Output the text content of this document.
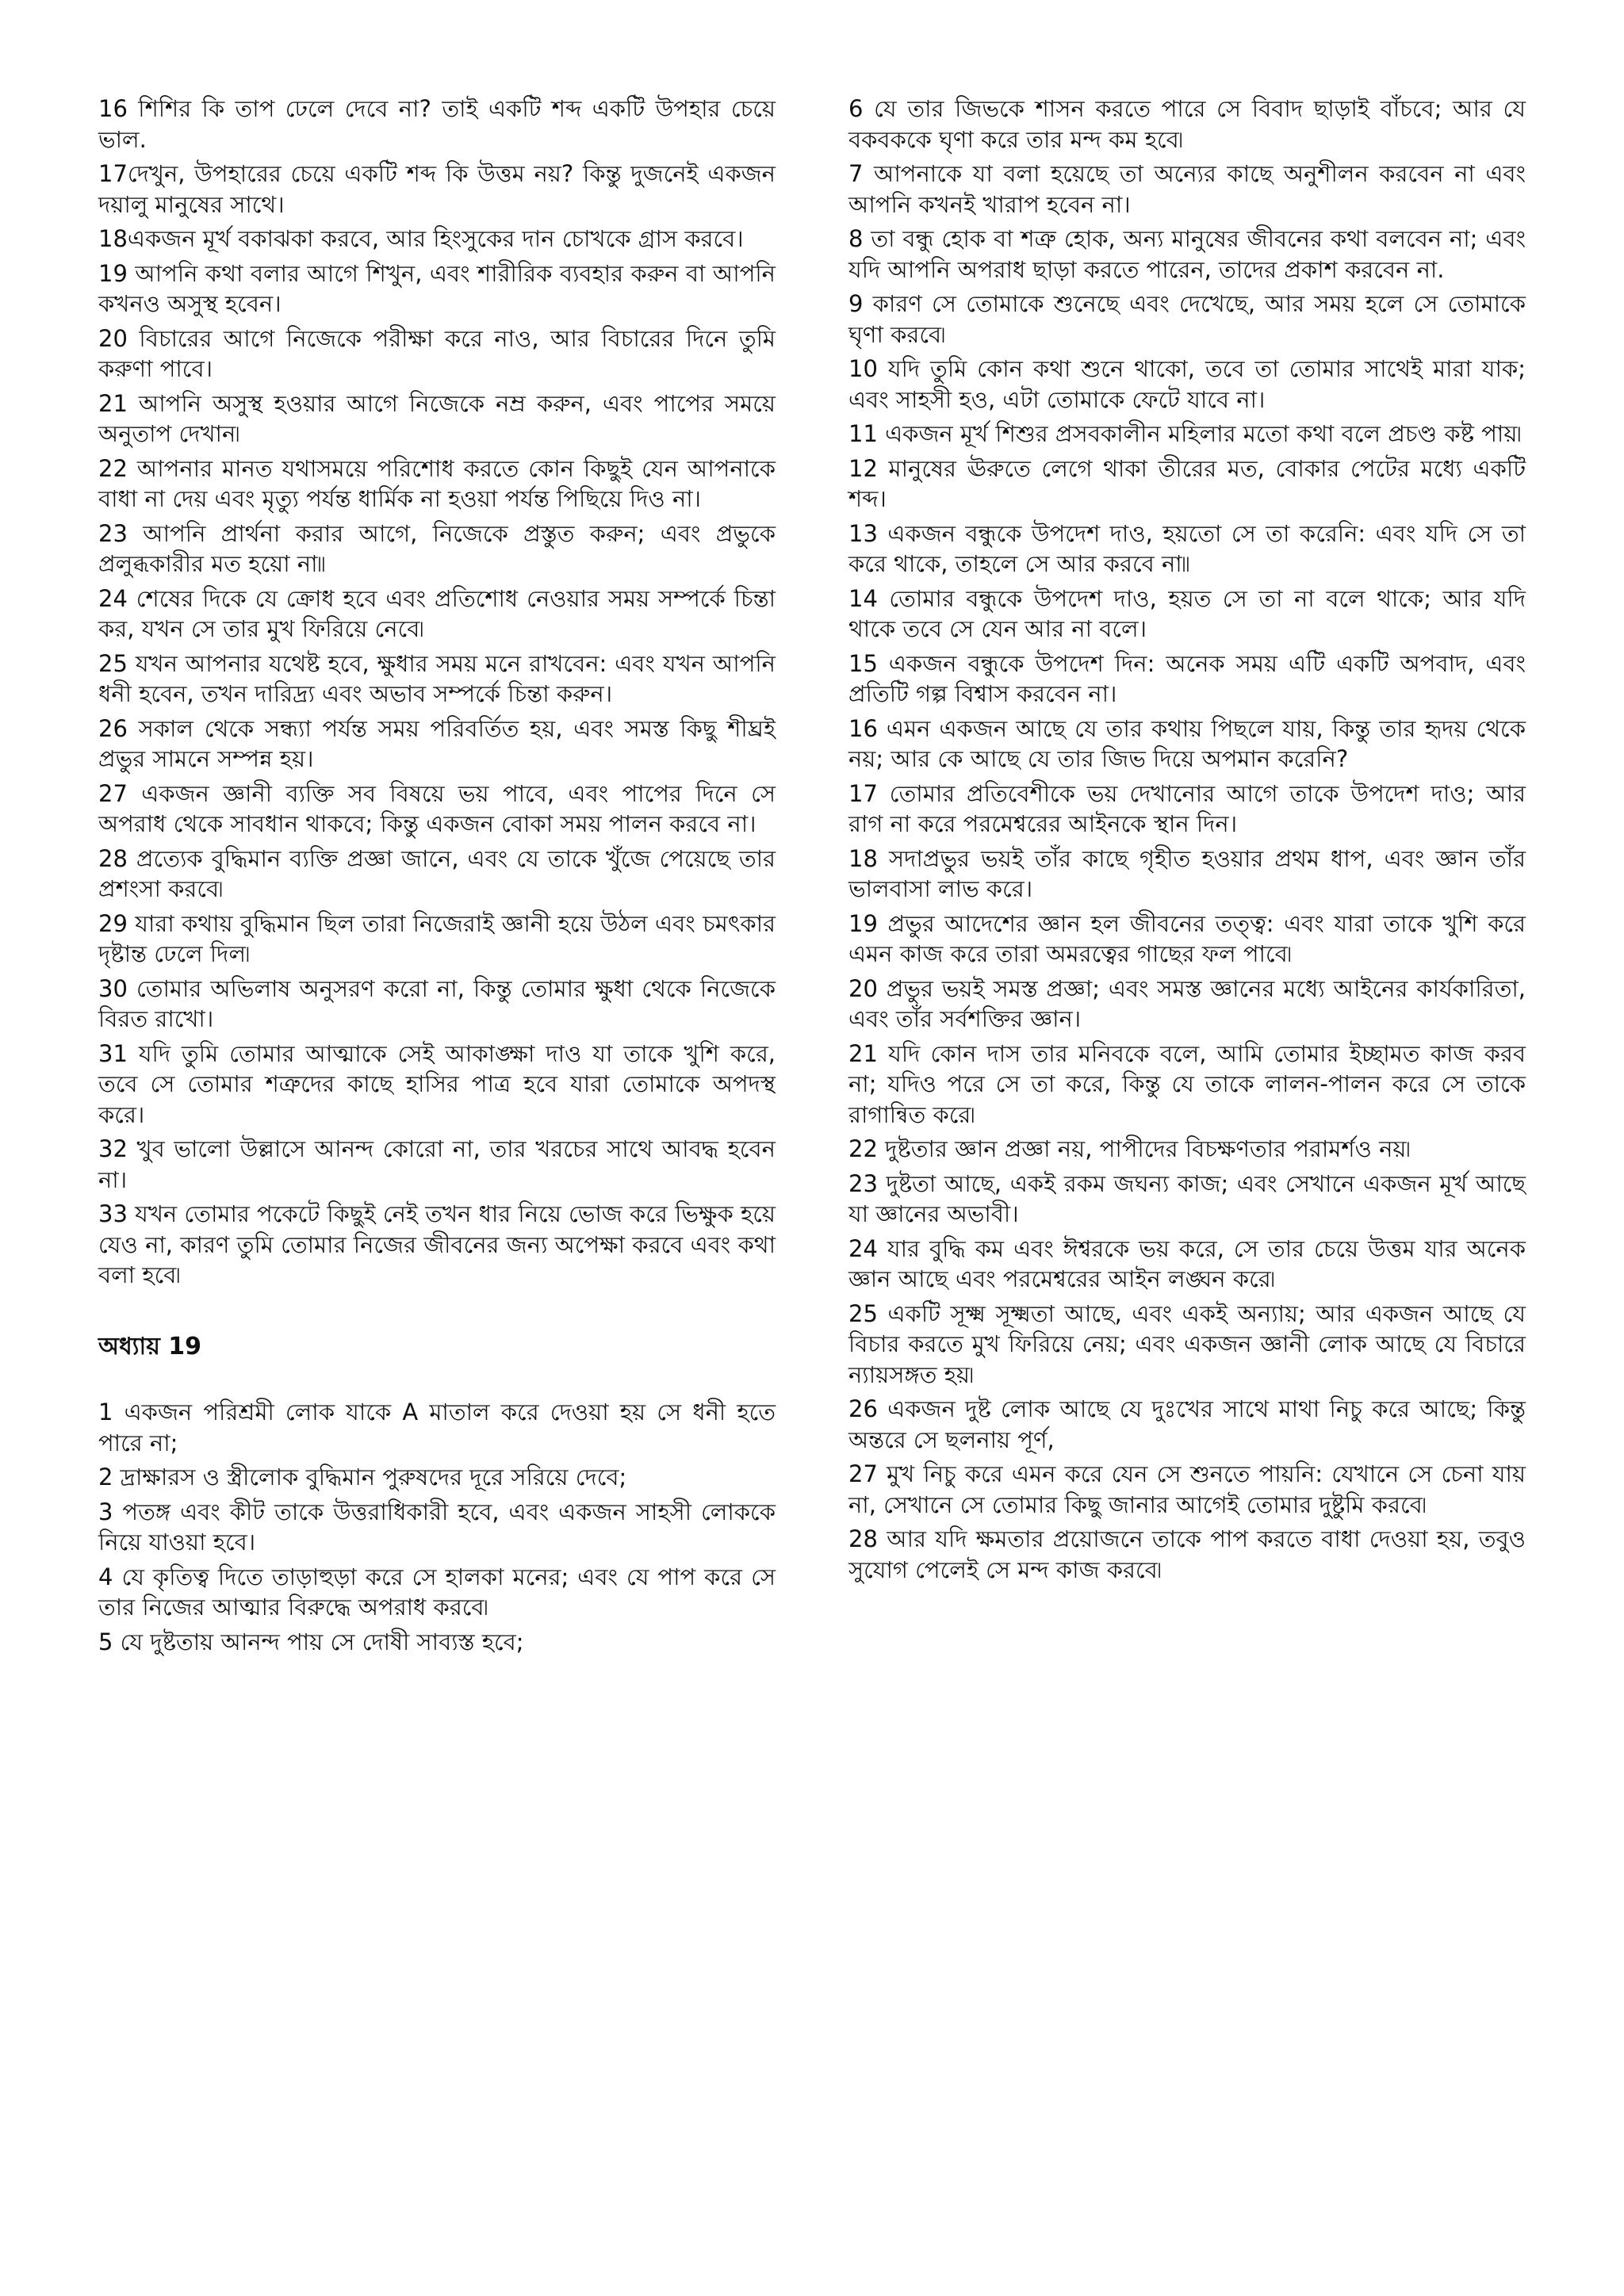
16 শিশির কি তাপ ঢেলে দেবে না? তাই একটি শব্দ একটি উপহার চেয়ে ভাল.

17দেখুন, উপহারের চেয়ে একটি শব্দ কি উত্তম নয়? কিন্তু দুজনেই একজন দয়ালু মানুষের সাথে।

18একজন মূর্খ বকাঝকা করবে, আর হিংসুকের দান চোখকে গ্রাস করবে।

19 আপনি কথা বলার আগে শিখুন, এবং শারীরিক ব্যবহার করুন বা আপনি কখনও অসুস্থ হবেন।

20 বিচারের আগে নিজেকে পরীক্ষা করে নাও, আর বিচারের দিনে তুমি করুণা পাবে।

21 আপনি অসুস্থ হওয়ার আগে নিজেকে নম্র করুন, এবং পাপের সময়ে অনুতাপ দেখান৷

22 আপনার মানত যথাসময়ে পরিশোধ করতে কোন কিছুই যেন আপনাকে বাধা না দেয় এবং মৃত্যু পর্যন্ত ধার্মিক না হওয়া পর্যন্ত পিছিয়ে দিও না।

23 আপনি প্রার্থনা করার আগে, নিজেকে প্রস্তুত করুন; এবং প্রভুকে প্রলুব্ধকারীর মত হয়ো না৷৷

24 শেষের দিকে যে ক্রোধ হবে এবং প্রতিশোধ নেওয়ার সময় সম্পর্কে চিন্তা কর, যখন সে তার মুখ ফিরিয়ে নেবে৷

25 যখন আপনার যথেষ্ট হবে, ক্ষুধার সময় মনে রাখবেন: এবং যখন আপনি ধনী হবেন, তখন দারিদ্র্য এবং অভাব সম্পর্কে চিন্তা করুন।

26 সকাল থেকে সন্ধ্যা পর্যন্ত সময় পরিবর্তিত হয়, এবং সমস্ত কিছু শীঘ্রই প্রভুর সামনে সম্পন্ন হয়।

27 একজন জ্ঞানী ব্যক্তি সব বিষয়ে ভয় পাবে, এবং পাপের দিনে সে অপরাধ থেকে সাবধান থাকবে; কিন্তু একজন বোকা সময় পালন করবে না।

28 প্রত্যেক বুদ্ধিমান ব্যক্তি প্রজ্ঞা জানে, এবং যে তাকে খুঁজে পেয়েছে তার প্রশংসা করবে৷

29 যারা কথায় বুদ্ধিমান ছিল তারা নিজেরাই জ্ঞানী হয়ে উঠল এবং চমৎকার দৃষ্টান্ত ঢেলে দিল৷

30 তোমার অভিলাষ অনুসরণ করো না, কিন্তু তোমার ক্ষুধা থেকে নিজেকে বিরত রাখো।

31 যদি তুমি তোমার আত্মাকে সেই আকাঙ্ক্ষা দাও যা তাকে খুশি করে, তবে সে তোমার শত্রুদের কাছে হাসির পাত্র হবে যারা তোমাকে অপদস্থ করে।

32 খুব ভালো উল্লাসে আনন্দ কোরো না, তার খরচের সাথে আবদ্ধ হবেন না।

33 যখন তোমার পকেটে কিছুই নেই তখন ধার নিয়ে ভোজ করে ভিক্ষুক হয়ে যেও না, কারণ তুমি তোমার নিজের জীবনের জন্য অপেক্ষা করবে এবং কথা বলা হবে৷

অধ্যায় 19

1 একজন পরিশ্রমী লোক যাকে A মাতাল করে দেওয়া হয় সে ধনী হতে পারে না;

2 দ্রাক্ষারস ও স্ত্রীলোক বুদ্ধিমান পুরুষদের দূরে সরিয়ে দেবে;

3 পতঙ্গ এবং কীট তাকে উত্তরাধিকারী হবে, এবং একজন সাহসী লোককে নিয়ে যাওয়া হবে।

4 যে কৃতিত্ব দিতে তাড়াহুড়া করে সে হালকা মনের; এবং যে পাপ করে সে তার নিজের আত্মার বিরুদ্ধে অপরাধ করবে৷

5 যে দুষ্টতায় আনন্দ পায় সে দোষী সাব্যস্ত হবে;

6 যে তার জিভকে শাসন করতে পারে সে বিবাদ ছাড়াই বাঁচবে; আর যে বকবককে ঘৃণা করে তার মন্দ কম হবে৷

7 আপনাকে যা বলা হয়েছে তা অন্যের কাছে অনুশীলন করবেন না এবং আপনি কখনই খারাপ হবেন না।

8 তা বন্ধু হোক বা শত্রু হোক, অন্য মানুষের জীবনের কথা বলবেন না; এবং যদি আপনি অপরাধ ছাড়া করতে পারেন, তাদের প্রকাশ করবেন না.

9 কারণ সে তোমাকে শুনেছে এবং দেখেছে, আর সময় হলে সে তোমাকে ঘৃণা করবে৷

10 যদি তুমি কোন কথা শুনে থাকো, তবে তা তোমার সাথেই মারা যাক; এবং সাহসী হও, এটা তোমাকে ফেটে যাবে না।

11 একজন মূর্খ শিশুর প্রসবকালীন মহিলার মতো কথা বলে প্রচণ্ড কষ্ট পায়৷

12 মানুষের ঊরুতে লেগে থাকা তীরের মত, বোকার পেটের মধ্যে একটি শব্দ।

13 একজন বন্ধুকে উপদেশ দাও, হয়তো সে তা করেনি: এবং যদি সে তা করে থাকে, তাহলে সে আর করবে না৷৷

14 তোমার বন্ধুকে উপদেশ দাও, হয়ত সে তা না বলে থাকে; আর যদি থাকে তবে সে যেন আর না বলে।

15 একজন বন্ধুকে উপদেশ দিন: অনেক সময় এটি একটি অপবাদ, এবং প্রতিটি গল্প বিশ্বাস করবেন না।

16 এমন একজন আছে যে তার কথায় পিছলে যায়, কিন্তু তার হৃদয় থেকে নয়; আর কে আছে যে তার জিভ দিয়ে অপমান করেনি?

17 তোমার প্রতিবেশীকে ভয় দেখানোর আগে তাকে উপদেশ দাও; আর রাগ না করে পরমেশ্বরের আইনকে স্থান দিন।

18 সদাপ্রভুর ভয়ই তাঁর কাছে গৃহীত হওয়ার প্রথম ধাপ, এবং জ্ঞান তাঁর ভালবাসা লাভ করে।

19 প্রভুর আদেশের জ্ঞান হল জীবনের তত্ত্ব: এবং যারা তাকে খুশি করে এমন কাজ করে তারা অমরত্বের গাছের ফল পাবে৷

20 প্রভুর ভয়ই সমস্ত প্রজ্ঞা; এবং সমস্ত জ্ঞানের মধ্যে আইনের কার্যকারিতা, এবং তাঁর সর্বশক্তির জ্ঞান।

21 যদি কোন দাস তার মনিবকে বলে, আমি তোমার ইচ্ছামত কাজ করব না; যদিও পরে সে তা করে, কিন্তু যে তাকে লালন-পালন করে সে তাকে রাগান্বিত করে৷

22 দুষ্টতার জ্ঞান প্রজ্ঞা নয়, পাপীদের বিচক্ষণতার পরামর্শও নয়৷

23 দুষ্টতা আছে, একই রকম জঘন্য কাজ; এবং সেখানে একজন মূর্খ আছে যা জ্ঞানের অভাবী।

24 যার বুদ্ধি কম এবং ঈশ্বরকে ভয় করে, সে তার চেয়ে উত্তম যার অনেক জ্ঞান আছে এবং পরমেশ্বরের আইন লঙ্ঘন করে৷

25 একটি সূক্ষ্ম সূক্ষ্মতা আছে, এবং একই অন্যায়; আর একজন আছে যে বিচার করতে মুখ ফিরিয়ে নেয়; এবং একজন জ্ঞানী লোক আছে যে বিচারে ন্যায়সঙ্গত হয়৷

26 একজন দুষ্ট লোক আছে যে দুঃখের সাথে মাথা নিচু করে আছে; কিন্তু অন্তরে সে ছলনায় পূর্ণ,

27 মুখ নিচু করে এমন করে যেন সে শুনতে পায়নি: যেখানে সে চেনা যায় না, সেখানে সে তোমার কিছু জানার আগেই তোমার দুষ্টুমি করবে৷

28 আর যদি ক্ষমতার প্রয়োজনে তাকে পাপ করতে বাধা দেওয়া হয়, তবুও সুযোগ পেলেই সে মন্দ কাজ করবে৷
